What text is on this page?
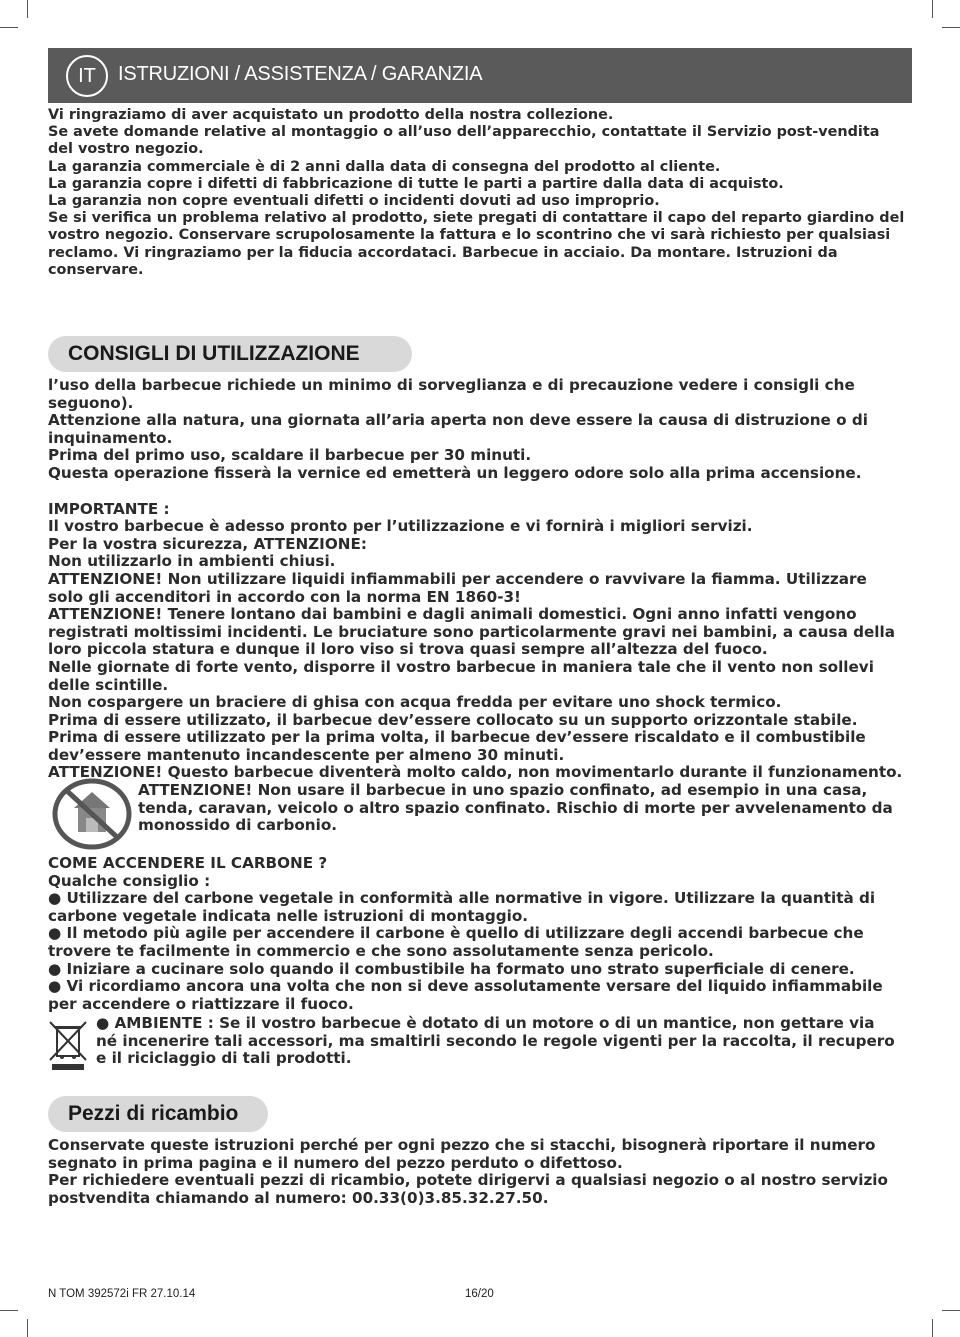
IT	ISTRUZIONI / ASSISTENZA / GARANZIA

Vi ringraziamo di aver acquistato un prodotto della nostra collezione.

Se avete domande relative al montaggio o all’uso dell’apparecchio, contattate il Servizio post-vendita del vostro negozio.

La garanzia commerciale è di 2 anni dalla data di consegna del prodotto al cliente.

La garanzia copre i difetti di fabbricazione di tutte le parti a partire dalla data di acquisto.

La garanzia non copre eventuali difetti o incidenti dovuti ad uso improprio.

Se si verifica un problema relativo al prodotto, siete pregati di contattare il capo del reparto giardino del vostro negozio. Conservare scrupolosamente la fattura e lo scontrino che vi sarà richiesto per qualsiasi reclamo. Vi ringraziamo per la fiducia accordataci. Barbecue in acciaio. Da montare. Istruzioni da conservare.

CONSIGLI DI UTILIZZAZIONE

l’uso della barbecue richiede un minimo di sorveglianza e di precauzione vedere i consigli che seguono).

Attenzione alla natura, una giornata all’aria aperta non deve essere la causa di distruzione o di inquinamento.

Prima del primo uso, scaldare il barbecue per 30 minuti.

Questa operazione fisserà la vernice ed emetterà un leggero odore solo alla prima accensione.

IMPORTANTE :

Il vostro barbecue è adesso pronto per l’utilizzazione e vi fornirà i migliori servizi.

Per la vostra sicurezza, ATTENZIONE:

Non utilizzarlo in ambienti chiusi.

ATTENZIONE! Non utilizzare liquidi infiammabili per accendere o ravvivare la fiamma. Utilizzare solo gli accenditori in accordo con la norma EN 1860-3!

ATTENZIONE! Tenere lontano dai bambini e dagli animali domestici. Ogni anno infatti vengono registrati moltissimi incidenti. Le bruciature sono particolarmente gravi nei bambini, a causa della loro piccola statura e dunque il loro viso si trova quasi sempre all’altezza del fuoco.

Nelle giornate di forte vento, disporre il vostro barbecue in maniera tale che il vento non sollevi delle scintille.

Non cospargere un braciere di ghisa con acqua fredda per evitare uno shock termico.

Prima di essere utilizzato, il barbecue dev’essere collocato su un supporto orizzontale stabile.

Prima di essere utilizzato per la prima volta, il barbecue dev’essere riscaldato e il combustibile dev’essere mantenuto incandescente per almeno 30 minuti.

ATTENZIONE! Questo barbecue diventerà molto caldo, non movimentarlo durante il funzionamento.

ATTENZIONE! Non usare il barbecue in uno spazio confinato, ad esempio in una casa, tenda, caravan, veicolo o altro spazio confinato. Rischio di morte per avvelenamento da monossido di carbonio.

COME ACCENDERE IL CARBONE ?

Qualche consiglio :

● Utilizzare del carbone vegetale in conformità alle normative in vigore. Utilizzare la quantità di carbone vegetale indicata nelle istruzioni di montaggio.

● Il metodo più agile per accendere il carbone è quello di utilizzare degli accendi barbecue che trovere te facilmente in commercio e che sono assolutamente senza pericolo.

● Iniziare a cucinare solo quando il combustibile ha formato uno strato superficiale di cenere.

● Vi ricordiamo ancora una volta che non si deve assolutamente versare del liquido infiammabile per accendere o riattizzare il fuoco.

● AMBIENTE : Se il vostro barbecue è dotato di un motore o di un mantice, non gettare via né incenerire tali accessori, ma smaltirli secondo le regole vigenti per la raccolta, il recupero e il riciclaggio di tali prodotti.
Pezzi di ricambio

Conservate queste istruzioni perché per ogni pezzo che si stacchi, bisognerà riportare il numero segnato in prima pagina e il numero del pezzo perduto o difettoso.

Per richiedere eventuali pezzi di ricambio, potete dirigervi a qualsiasi negozio o al nostro servizio postvendita chiamando al numero: 00.33(0)3.85.32.27.50.

N TOM 392572i FR 27.10.14	16/20
